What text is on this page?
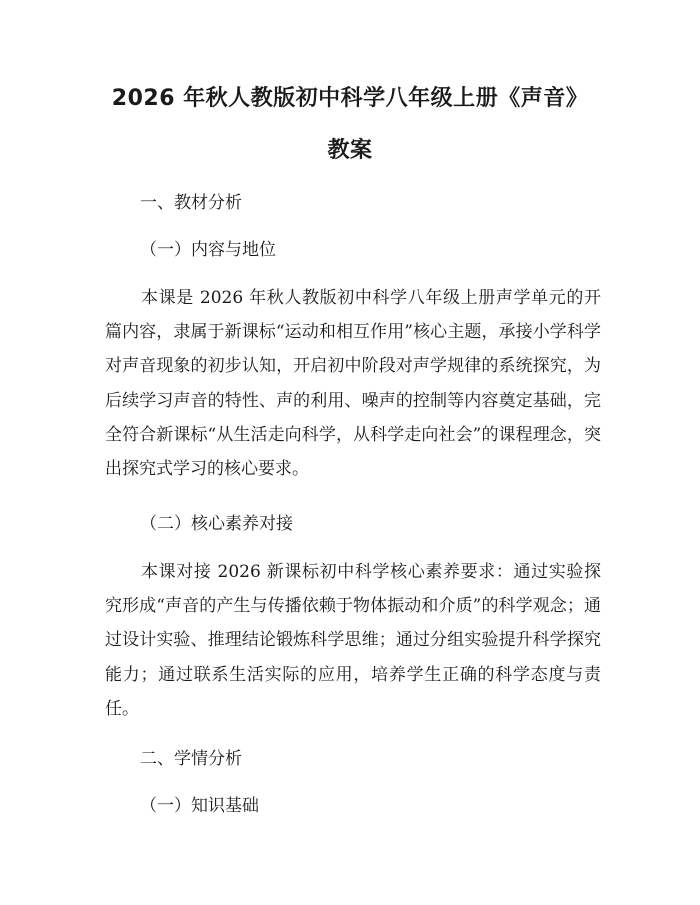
2026 年秋人教版初中科学八年级上册《声音》教案
一、教材分析
（一）内容与地位
本课是 2026 年秋人教版初中科学八年级上册声学单元的开篇内容，隶属于新课标“运动和相互作用”核心主题，承接小学科学对声音现象的初步认知，开启初中阶段对声学规律的系统探究，为后续学习声音的特性、声的利用、噪声的控制等内容奠定基础，完全符合新课标“从生活走向科学，从科学走向社会”的课程理念，突出探究式学习的核心要求。
（二）核心素养对接
本课对接 2026 新课标初中科学核心素养要求：通过实验探究形成“声音的产生与传播依赖于物体振动和介质”的科学观念；通过设计实验、推理结论锻炼科学思维；通过分组实验提升科学探究能力；通过联系生活实际的应用，培养学生正确的科学态度与责任。
二、学情分析
（一）知识基础
